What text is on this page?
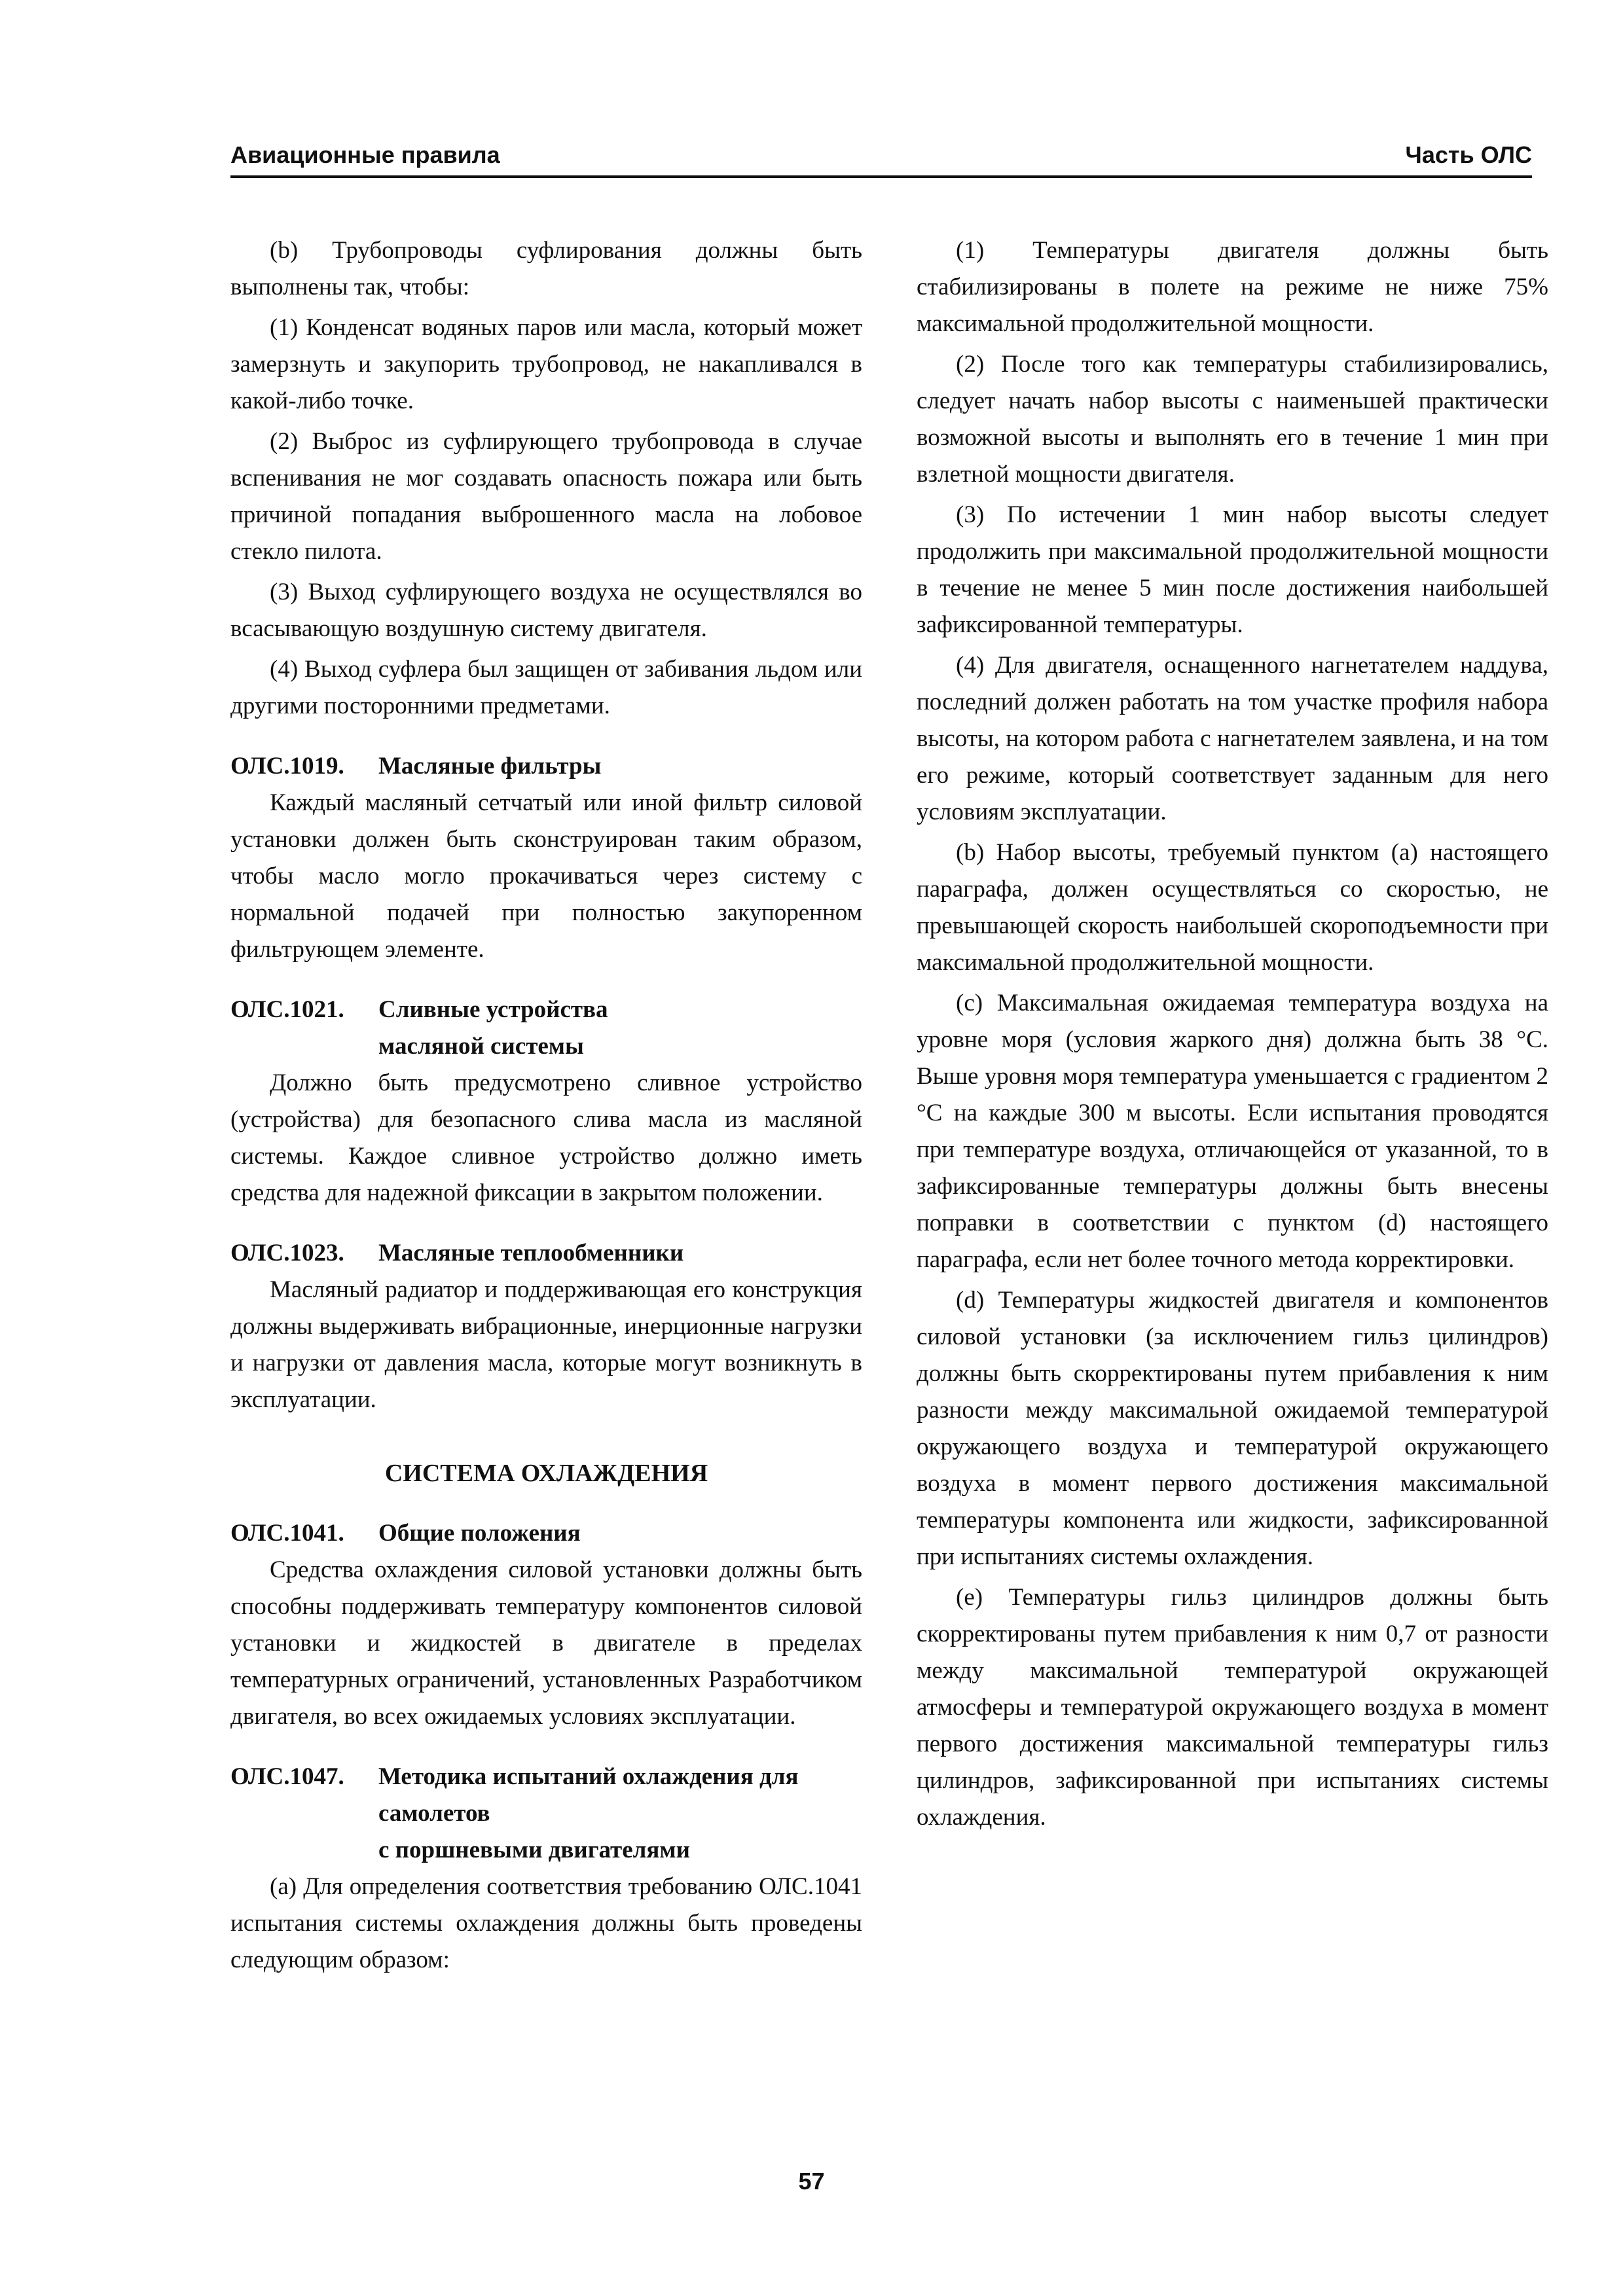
Авиационные правила	Часть ОЛС

(b) Трубопроводы суфлирования должны быть выполнены так, чтобы:

(1) Конденсат водяных паров или масла, который может замерзнуть и закупорить трубопровод, не накапливался в какой-либо точке.

(2) Выброс из суфлирующего трубопровода в случае вспенивания не мог создавать опасность пожара или быть причиной попадания выброшенного масла на лобовое стекло пилота.

(3) Выход суфлирующего воздуха не осуществлялся во всасывающую воздушную систему двигателя.

(4) Выход суфлера был защищен от забивания льдом или другими посторонними предметами.

ОЛС.1019. Масляные фильтры

Каждый масляный сетчатый или иной фильтр силовой установки должен быть сконструирован таким образом, чтобы масло могло прокачиваться через систему с нормальной подачей при полностью закупоренном фильтрующем элементе.

ОЛС.1021.	Сливные устройства
масляной системы

Должно быть предусмотрено сливное устройство (устройства) для безопасного слива масла из масляной системы. Каждое сливное устройство должно иметь средства для надежной фиксации в закрытом положении.

ОЛС.1023. Масляные теплообменники

Масляный радиатор и поддерживающая его конструкция должны выдерживать вибрационные, инерционные нагрузки и нагрузки от давления масла, которые могут возникнуть в эксплуатации.

СИСТЕМА ОХЛАЖДЕНИЯ
ОЛС.1041. Общие положения

Средства охлаждения силовой установки должны быть способны поддерживать температуру компонентов силовой установки и жидкостей в двигателе в пределах температурных ограничений, установленных Разработчиком двигателя, во всех ожидаемых условиях эксплуатации.

ОЛС.1047.	Методика испытаний охлаждения для самолетов
с поршневыми двигателями

(a) Для определения соответствия требованию ОЛС.1041 испытания системы охлаждения должны быть проведены следующим образом:

(1) Температуры двигателя должны быть стабилизированы в полете на режиме не ниже 75% максимальной продолжительной мощности.

(2) После того как температуры стабилизировались, следует начать набор высоты с наименьшей практически возможной высоты и выполнять его в течение 1 мин при взлетной мощности двигателя.

(3) По истечении 1 мин набор высоты следует продолжить при максимальной продолжительной мощности в течение не менее 5 мин после достижения наибольшей зафиксированной температуры.

(4) Для двигателя, оснащенного нагнетателем наддува, последний должен работать на том участке профиля набора высоты, на котором работа с нагнетателем заявлена, и на том его режиме, который соответствует заданным для него условиям эксплуатации.

(b) Набор высоты, требуемый пунктом (a) настоящего параграфа, должен осуществляться со скоростью, не превышающей скорость наибольшей скороподъемности при максимальной продолжительной мощности.

(c) Максимальная ожидаемая температура воздуха на уровне моря (условия жаркого дня) должна быть 38 °С. Выше уровня моря температура уменьшается с градиентом 2 °С на каждые 300 м высоты. Если испытания проводятся при температуре воздуха, отличающейся от указанной, то в зафиксированные температуры должны быть внесены поправки в соответствии с пунктом (d) настоящего параграфа, если нет более точного метода корректировки.

(d) Температуры жидкостей двигателя и компонентов силовой установки (за исключением гильз цилиндров) должны быть скорректированы путем прибавления к ним разности между максимальной ожидаемой температурой окружающего воздуха и температурой окружающего воздуха в момент первого достижения максимальной температуры компонента или жидкости, зафиксированной при испытаниях системы охлаждения.

(e) Температуры гильз цилиндров должны быть скорректированы путем прибавления к ним 0,7 от разности между максимальной температурой окружающей атмосферы и температурой окружающего воздуха в момент первого достижения максимальной температуры гильз цилиндров, зафиксированной при испытаниях системы охлаждения.

57
